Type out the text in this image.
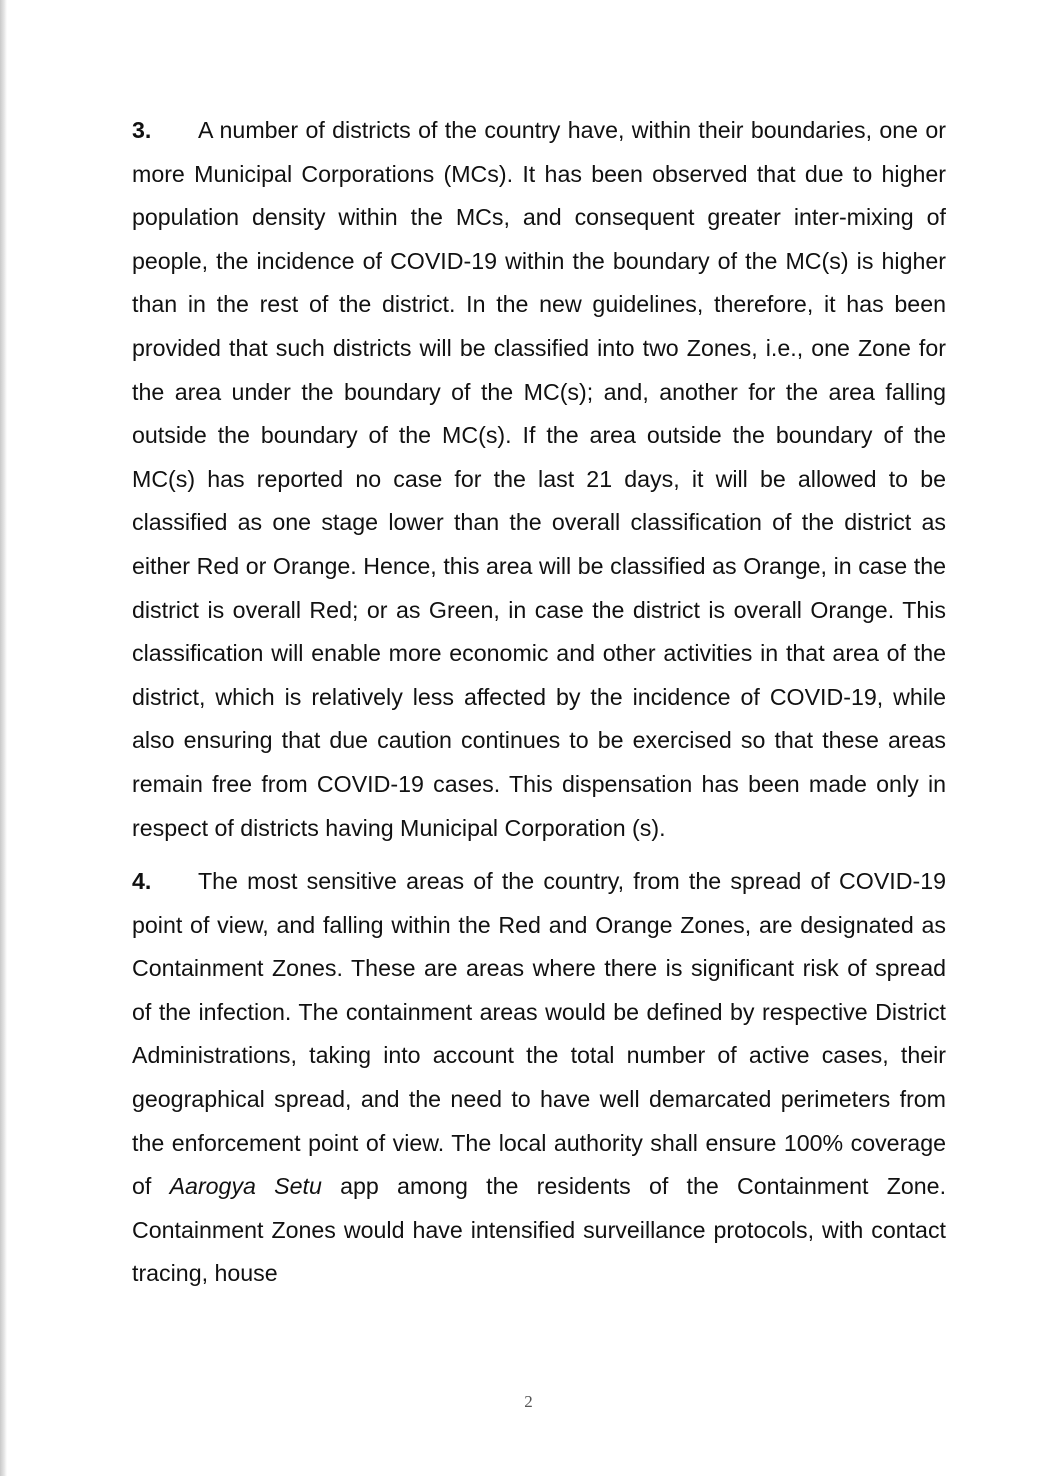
3. A number of districts of the country have, within their boundaries, one or more Municipal Corporations (MCs). It has been observed that due to higher population density within the MCs, and consequent greater inter-mixing of people, the incidence of COVID-19 within the boundary of the MC(s) is higher than in the rest of the district. In the new guidelines, therefore, it has been provided that such districts will be classified into two Zones, i.e., one Zone for the area under the boundary of the MC(s); and, another for the area falling outside the boundary of the MC(s). If the area outside the boundary of the MC(s) has reported no case for the last 21 days, it will be allowed to be classified as one stage lower than the overall classification of the district as either Red or Orange. Hence, this area will be classified as Orange, in case the district is overall Red; or as Green, in case the district is overall Orange. This classification will enable more economic and other activities in that area of the district, which is relatively less affected by the incidence of COVID-19, while also ensuring that due caution continues to be exercised so that these areas remain free from COVID-19 cases. This dispensation has been made only in respect of districts having Municipal Corporation (s).

4. The most sensitive areas of the country, from the spread of COVID-19 point of view, and falling within the Red and Orange Zones, are designated as Containment Zones. These are areas where there is significant risk of spread of the infection. The containment areas would be defined by respective District Administrations, taking into account the total number of active cases, their geographical spread, and the need to have well demarcated perimeters from the enforcement point of view. The local authority shall ensure 100% coverage of Aarogya Setu app among the residents of the Containment Zone. Containment Zones would have intensified surveillance protocols, with contact tracing, house

2
